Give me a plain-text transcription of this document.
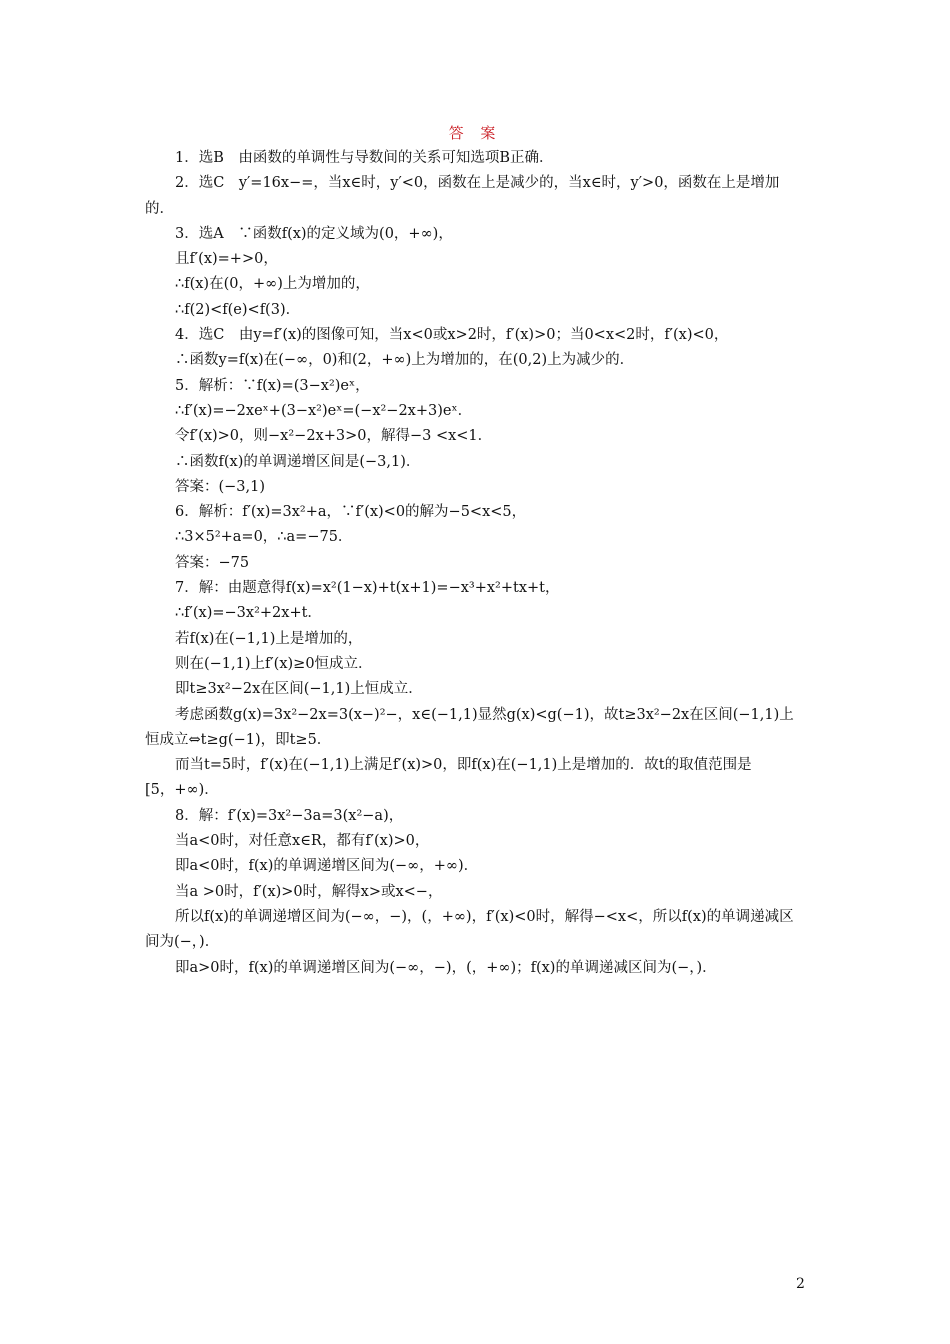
答 案
1．选B　由函数的单调性与导数间的关系可知选项B正确．
2．选C　y′=16x−=，当x∈时，y′<0，函数在上是减少的，当x∈时，y′>0，函数在上是增加的．
3．选A　∵函数f(x)的定义域为(0，+∞)，
且f′(x)=+>0，
∴f(x)在(0，+∞)上为增加的，
∴f(2)<f(e)<f(3)．
4．选C　由y=f′(x)的图像可知，当x<0或x>2时，f′(x)>0；当0<x<2时，f′(x)<0，
∴函数y=f(x)在(−∞，0)和(2，+∞)上为增加的，在(0,2)上为减少的．
5．解析：∵f(x)=(3−x²)eˣ，
∴f′(x)=−2xeˣ+(3−x²)eˣ=(−x²−2x+3)eˣ．
令f′(x)>0，则−x²−2x+3>0，解得−3 <x<1．
∴函数f(x)的单调递增区间是(−3,1)．
答案：(−3,1)
6．解析：f′(x)=3x²+a，∵f′(x)<0的解为−5<x<5，
∴3×5²+a=0，∴a=−75．
答案：−75
7．解：由题意得f(x)=x²(1−x)+t(x+1)=−x³+x²+tx+t，
∴f′(x)=−3x²+2x+t．
若f(x)在(−1,1)上是增加的，
则在(−1,1)上f′(x)≥0恒成立．
即t≥3x²−2x在区间(−1,1)上恒成立．
考虑函数g(x)=3x²−2x=3(x−)²−，x∈(−1,1)显然g(x)<g(−1)，故t≥3x²−2x在区间(−1,1)上恒成立⇔t≥g(−1)，即t≥5．
而当t=5时，f′(x)在(−1,1)上满足f′(x)>0，即f(x)在(−1,1)上是增加的．故t的取值范围是[5，+∞)．
8．解：f′(x)=3x²−3a=3(x²−a)，
当a<0时，对任意x∈R，都有f′(x)>0，
即a<0时，f(x)的单调递增区间为(−∞，+∞)．
当a >0时，f′(x)>0时，解得x>或x<−，
所以f(x)的单调递增区间为(−∞，−)，(，+∞)，f′(x)<0时，解得−<x<，所以f(x)的单调递减区间为(−，)．
即a>0时，f(x)的单调递增区间为(−∞，−)，(，+∞)；f(x)的单调递减区间为(−，)．
2
